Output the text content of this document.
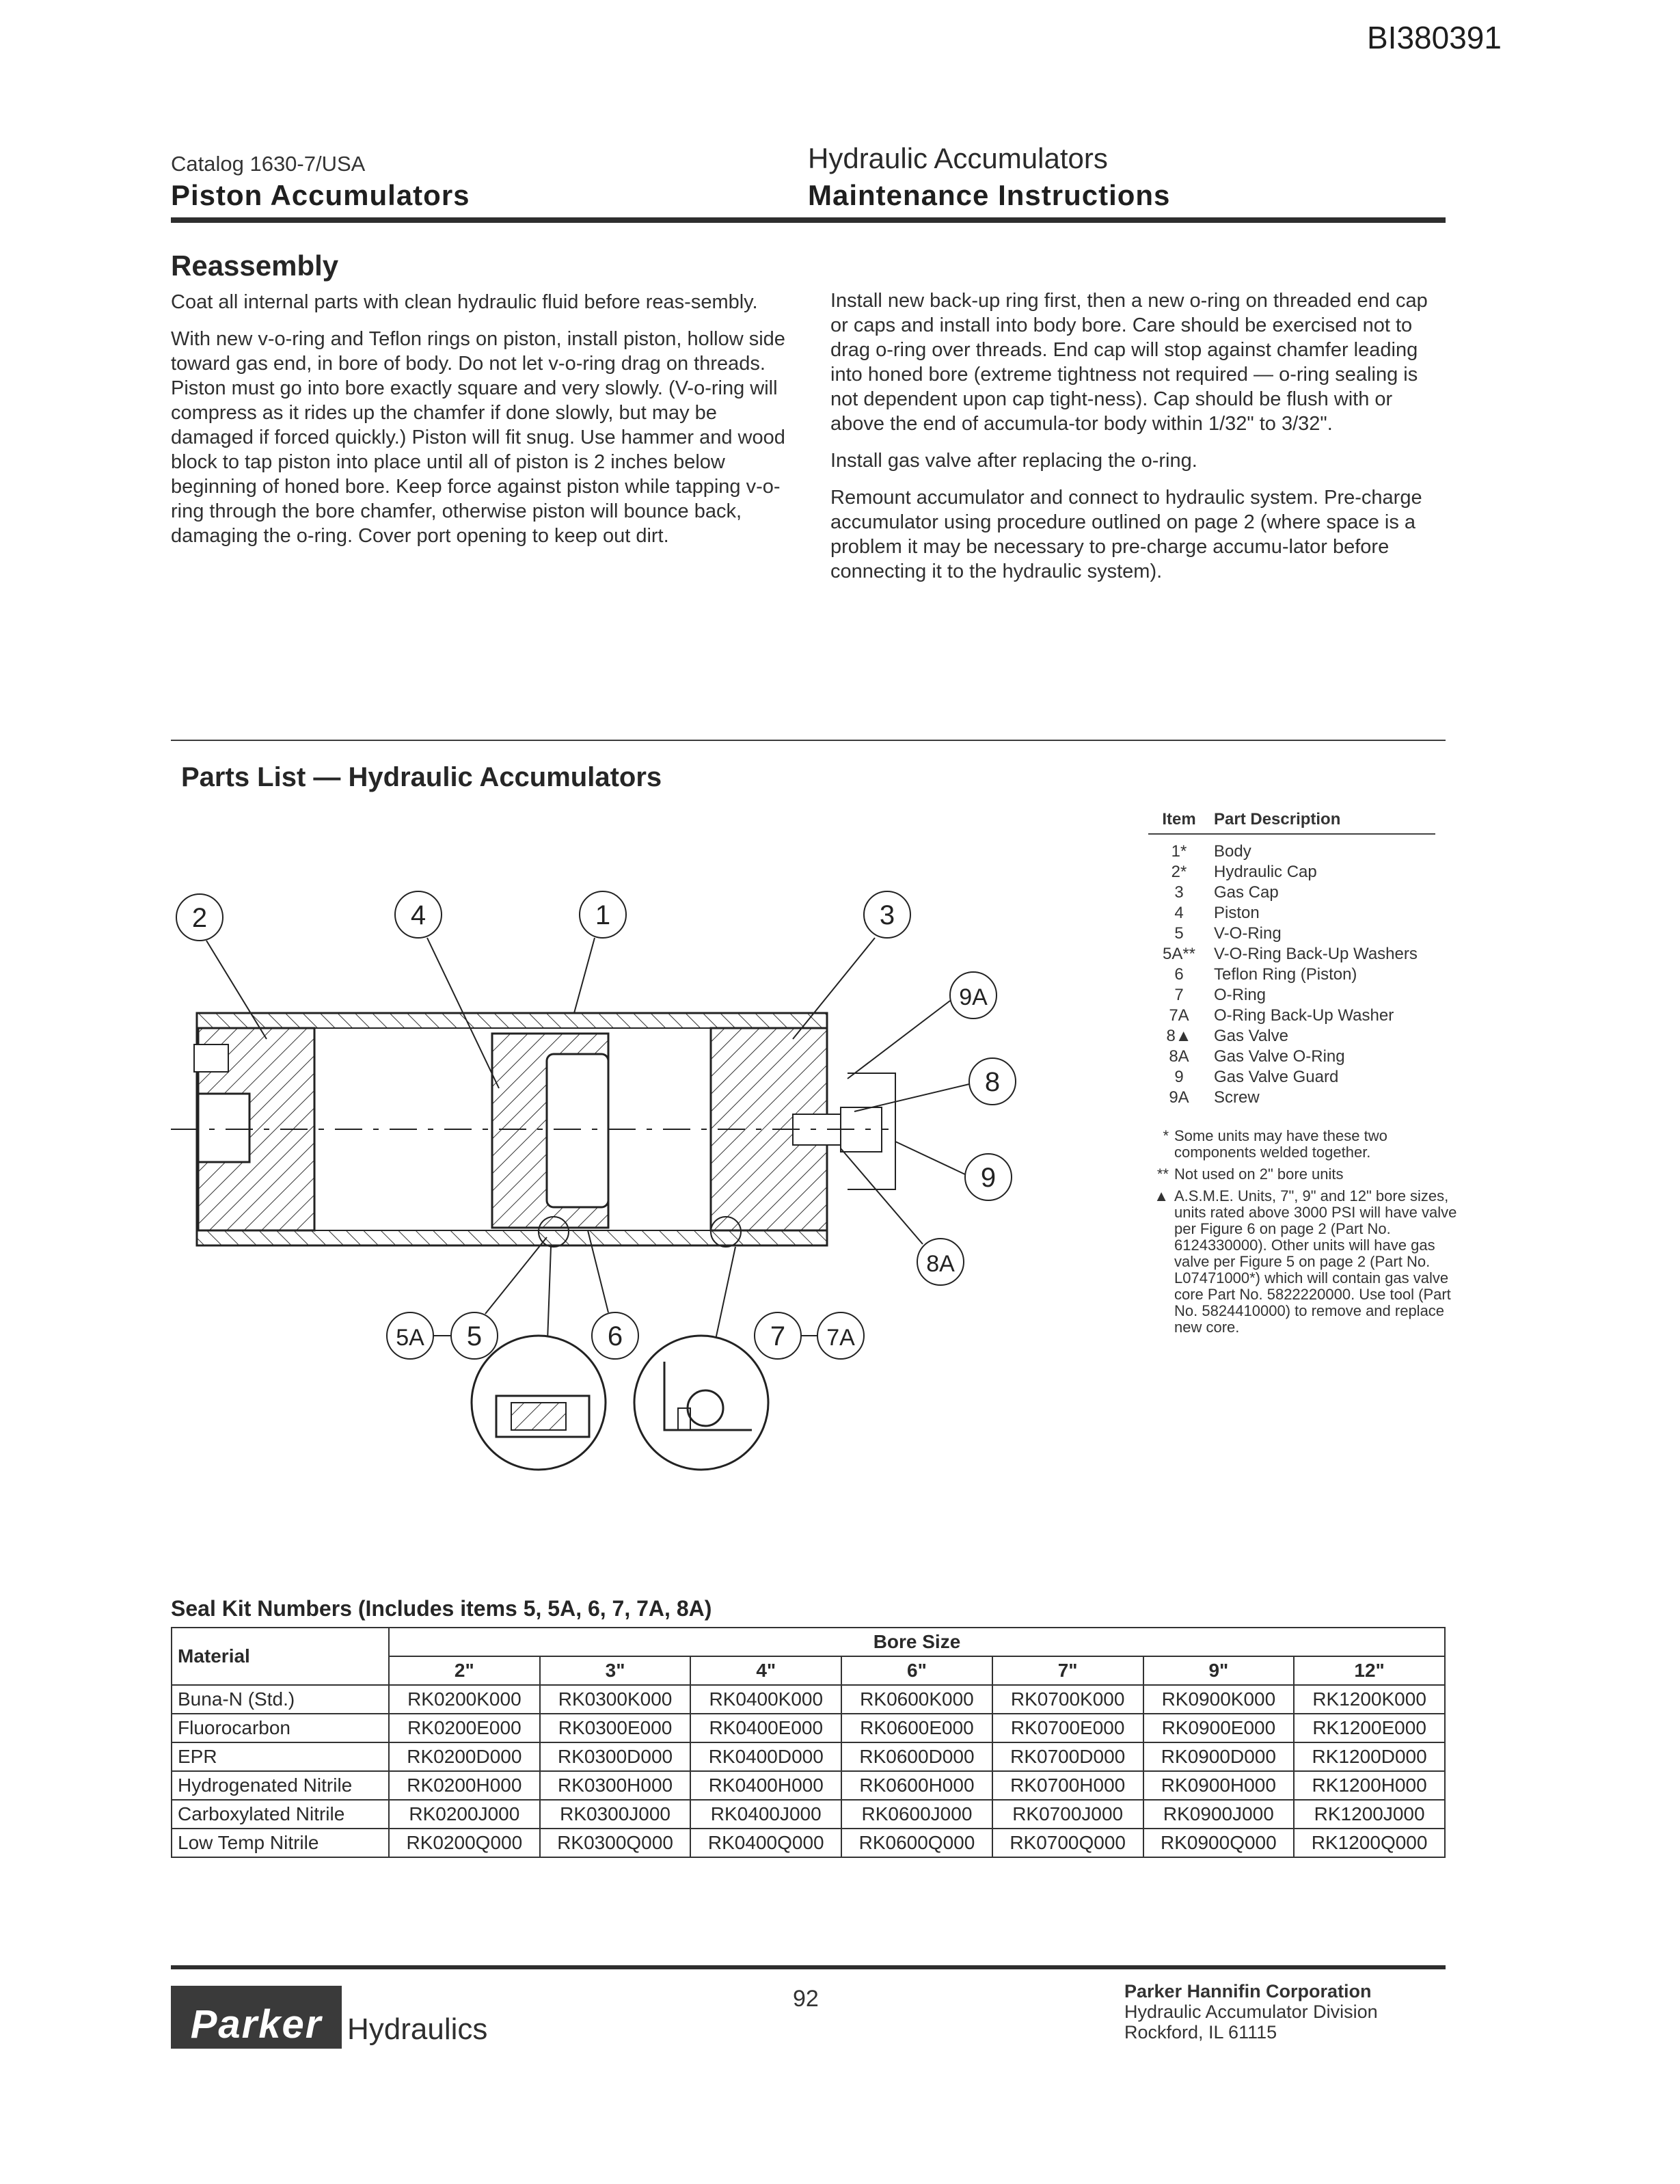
BI380391
Catalog 1630-7/USA
Piston Accumulators
Hydraulic Accumulators
Maintenance Instructions
Reassembly

Coat all internal parts with clean hydraulic fluid before reas-sembly.

With new v-o-ring and Teflon rings on piston, install piston, hollow side toward gas end, in bore of body. Do not let v-o-ring drag on threads. Piston must go into bore exactly square and very slowly. (V-o-ring will compress as it rides up the chamfer if done slowly, but may be damaged if forced quickly.) Piston will fit snug. Use hammer and wood block to tap piston into place until all of piston is 2 inches below beginning of honed bore. Keep force against piston while tapping v-o-ring through the bore chamfer, otherwise piston will bounce back, damaging the o-ring. Cover port opening to keep out dirt.

Install new back-up ring first, then a new o-ring on threaded end cap or caps and install into body bore. Care should be exercised not to drag o-ring over threads. End cap will stop against chamfer leading into honed bore (extreme tightness not required — o-ring sealing is not dependent upon cap tight-ness). Cap should be flush with or above the end of accumula-tor body within 1/32" to 3/32".

Install gas valve after replacing the o-ring.

Remount accumulator and connect to hydraulic system. Pre-charge accumulator using procedure outlined on page 2 (where space is a problem it may be necessary to pre-charge accumu-lator before connecting it to the hydraulic system).

Parts List — Hydraulic Accumulators
2	4	1	3
9A
8
9
8A
5A 5	6	7 7A
Item	Part Description
1*	Body
2*	Hydraulic Cap
3	Gas Cap
4	Piston
5	V-O-Ring
5A**	V-O-Ring Back-Up Washers
6	Teflon Ring (Piston)
7	O-Ring
7A	O-Ring Back-Up Washer
8▲	Gas Valve
8A	Gas Valve O-Ring
9	Gas Valve Guard
9A	Screw
* Some units may have these two components welded together.
** Not used on 2" bore units
▲ A.S.M.E. Units, 7", 9" and 12" bore sizes, units rated above 3000 PSI will have valve per Figure 6 on page 2 (Part No. 6124330000). Other units will have gas valve per Figure 5 on page 2 (Part No. L07471000*) which will contain gas valve core Part No. 5822220000. Use tool (Part No. 5824410000) to remove and replace new core.
Seal Kit Numbers (Includes items 5, 5A, 6, 7, 7A, 8A)
Material	Bore Size						
	2"	3"	4"	6"	7"	9"	12"
Buna-N (Std.)	RK0200K000	RK0300K000	RK0400K000	RK0600K000	RK0700K000	RK0900K000	RK1200K000
Fluorocarbon	RK0200E000	RK0300E000	RK0400E000	RK0600E000	RK0700E000	RK0900E000	RK1200E000
EPR	RK0200D000	RK0300D000	RK0400D000	RK0600D000	RK0700D000	RK0900D000	RK1200D000
Hydrogenated Nitrile	RK0200H000	RK0300H000	RK0400H000	RK0600H000	RK0700H000	RK0900H000	RK1200H000
Carboxylated Nitrile	RK0200J000	RK0300J000	RK0400J000	RK0600J000	RK0700J000	RK0900J000	RK1200J000
Low Temp Nitrile	RK0200Q000	RK0300Q000	RK0400Q000	RK0600Q000	RK0700Q000	RK0900Q000	RK1200Q000
Parker Hydraulics
92	Parker Hannifin Corporation
Hydraulic Accumulator Division
Rockford, IL 61115
